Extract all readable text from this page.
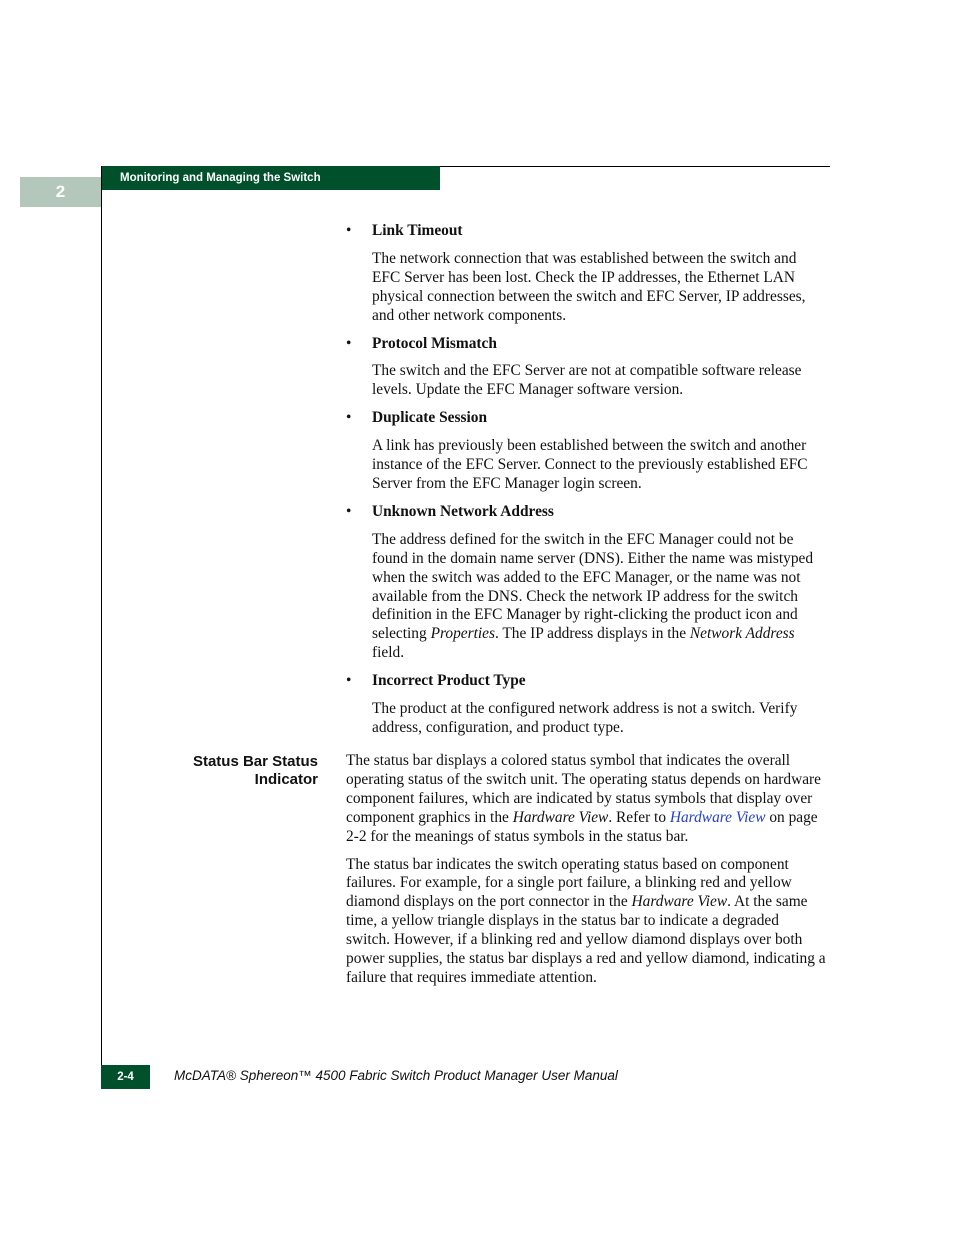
2
Monitoring and Managing the Switch
• Link Timeout

The network connection that was established between the switch and EFC Server has been lost. Check the IP addresses, the Ethernet LAN physical connection between the switch and EFC Server, IP addresses, and other network components.

• Protocol Mismatch

The switch and the EFC Server are not at compatible software release levels. Update the EFC Manager software version.

• Duplicate Session

A link has previously been established between the switch and another instance of the EFC Server. Connect to the previously established EFC Server from the EFC Manager login screen.

• Unknown Network Address

The address defined for the switch in the EFC Manager could not be found in the domain name server (DNS). Either the name was mistyped when the switch was added to the EFC Manager, or the name was not available from the DNS. Check the network IP address for the switch definition in the EFC Manager by right-clicking the product icon and selecting Properties. The IP address displays in the Network Address field.

• Incorrect Product Type

The product at the configured network address is not a switch. Verify address, configuration, and product type.

Status Bar Status
Indicator

The status bar displays a colored status symbol that indicates the overall operating status of the switch unit. The operating status depends on hardware component failures, which are indicated by status symbols that display over component graphics in the Hardware View. Refer to Hardware View on page 2-2 for the meanings of status symbols in the status bar.

The status bar indicates the switch operating status based on component failures. For example, for a single port failure, a blinking red and yellow diamond displays on the port connector in the Hardware View. At the same time, a yellow triangle displays in the status bar to indicate a degraded switch. However, if a blinking red and yellow diamond displays over both power supplies, the status bar displays a red and yellow diamond, indicating a failure that requires immediate attention.

2-4	McDATA® Sphereon™ 4500 Fabric Switch Product Manager User Manual
